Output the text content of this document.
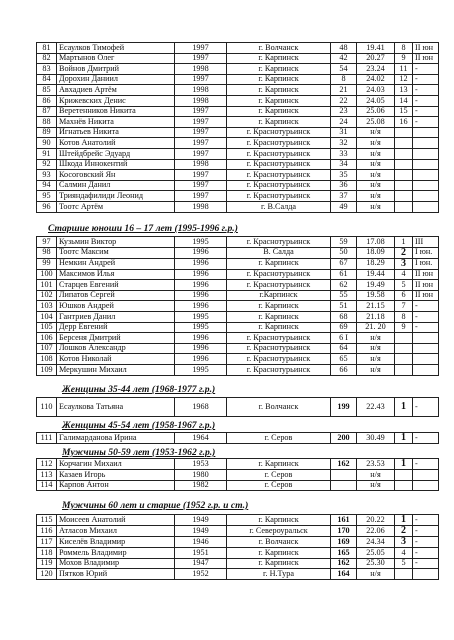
81	Есаулков Тимофей	1997	г. Волчанск	48	19.41	8	II юн
82	Мартынов Олег	1997	г. Карпинск	42	20.27	9	II юн
83	Войнов Дмитрий	1998	г. Карпинск	54	23.24	11	-
84	Дорохин Даниил	1997	г. Карпинск	8	24.02	12	-
85	Авхадиев Артём	1998	г. Карпинск	21	24.03	13	-
86	Крижевских Денис	1998	г. Карпинск	22	24.05	14	-
87	Веретенников Никита	1997	г. Карпинск	23	25.06	15	-
88	Махнёв Никита	1997	г. Карпинск	24	25.08	16	-
89	Игнатьев Никита	1997	г. Краснотурьинск	31	н/я		
90	Котов Анатолий	1997	г. Краснотурьинск	32	н/я		
91	Штейдбрейс Эдуард	1997	г. Краснотурьинск	33	н/я		
92	Шкода Иннокентий	1998	г. Краснотурьинск	34	н/я		
93	Косоговский Ян	1997	г. Краснотурьинск	35	н/я		
94	Салмин Данил	1997	г. Краснотурьинск	36	н/я		
95	Трияндафилиди Леонид	1997	г. Краснотурьинск	37	н/я		
96	Тоотс Артём	1998	г. В.Салда	49	н/я		
Старшие юноши 16 – 17 лет (1995-1996 г.р.)
97	Кузьмин Виктор	1995	г. Краснотурьинск	59	17.08	1	III
98	Тоотс Максим	1996	В. Салда	50	18.09	2	I юн.
99	Немкин Андрей	1996	г. Карпинск	67	18.29	3	I юн.
100	Максимов Илья	1996	г. Краснотурьинск	61	19.44	4	II юн
101	Старцев Евгений	1996	г. Краснотурьинск	62	19.49	5	II юн
102	Липатов Сергей	1996	г.Карпинск	55	19.58	6	II юн
103	Юшков Андрей	1996	г. Карпинск	51	21.15	7	-
104	Гантриев Данил	1995	г. Карпинск	68	21.18	8	-
105	Дерр Евгений	1995	г. Карпинск	69	21. 20	9	-
106	Берсеня Дмитрий	1996	г. Краснотурьинск	6 I	н/я		
107	Лошков Александр	1996	г. Краснотурьинск	64	н/я		
108	Котов Николай	1996	г. Краснотурьинск	65	н/я		
109	Меркушин Михаил	1995	г. Краснотурьинск	66	н/я		
Женщины 35-44 лет (1968-1977 г.р.)
110	Есаулкова Татьяна	1968	г. Волчанск	199	22.43	1	-
Женщины 45-54 лет (1958-1967 г.р.)
111	Галимарданова Ирина	1964	г. Серов	200	30.49	1	-
Мужчины 50-59 лет (1953-1962 г.р.)
112	Корчагин Михаил	1953	г. Карпинск	162	23.53	1	-
113	Казаев Игорь	1980	г. Серов		н/я		
114	Карпов Антон	1982	г. Серов		н/я		
Мужчины 60 лет и старше (1952 г.р. и ст.)
115	Моисеев Анатолий	1949	г. Карпинск	161	20.22	1	-
116	Атласов Михаил	1949	г. Североуральск	170	22.06	2	-
117	Киселёв Владимир	1946	г. Волчанск	169	24.34	3	-
118	Роммель Владимир	1951	г. Карпинск	165	25.05	4	-
119	Мохов Владимир	1947	г. Карпинск	162	25.30	5	-
120	Пятков Юрий	1952	г. Н.Тура	164	н/я		
